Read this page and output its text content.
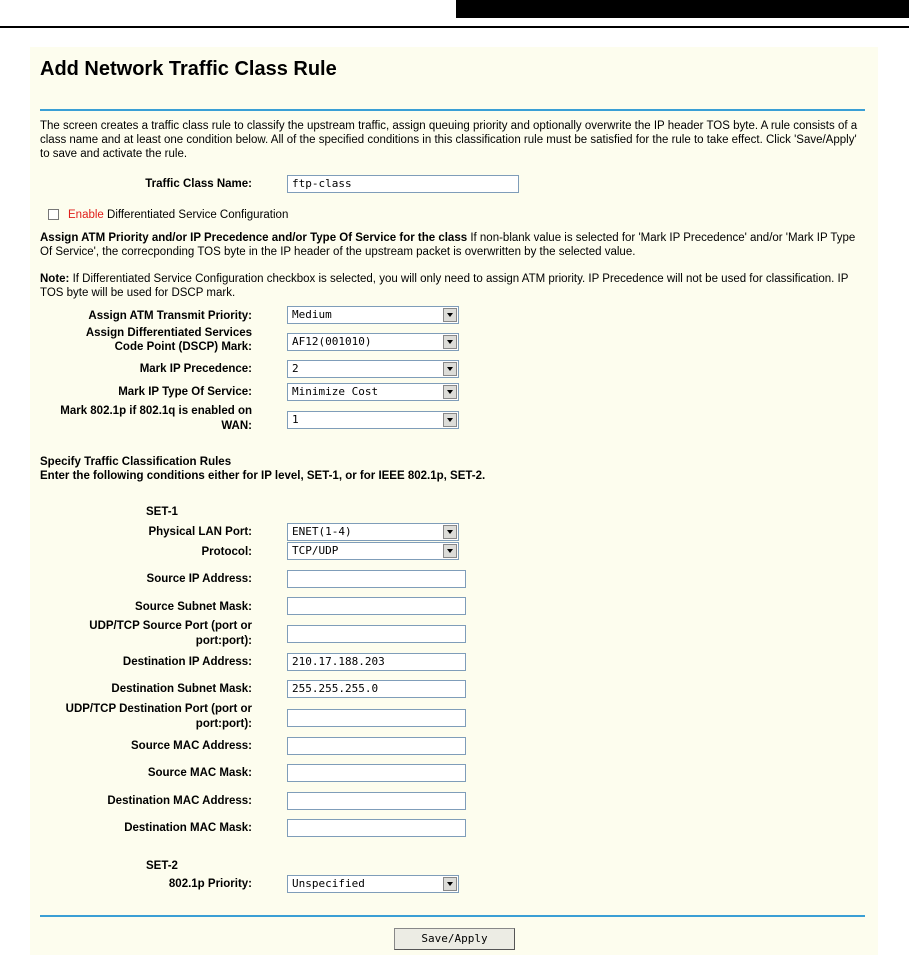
Add Network Traffic Class Rule

The screen creates a traffic class rule to classify the upstream traffic, assign queuing priority and optionally overwrite the IP header TOS byte. A rule consists of a class name and at least one condition below. All of the specified conditions in this classification rule must be satisfied for the rule to take effect. Click 'Save/Apply' to save and activate the rule.

Traffic Class Name:	ftp-class
Enable Differentiated Service Configuration

Assign ATM Priority and/or IP Precedence and/or Type Of Service for the class If non-blank value is selected for 'Mark IP Precedence' and/or 'Mark IP Type Of Service', the correcponding TOS byte in the IP header of the upstream packet is overwritten by the selected value.

Note: If Differentiated Service Configuration checkbox is selected, you will only need to assign ATM priority. IP Precedence will not be used for classification. IP TOS byte will be used for DSCP mark.

Assign ATM Transmit Priority:	Medium
Assign Differentiated Services
Code Point (DSCP) Mark:	AF12(001010)
Mark IP Precedence:	2
Mark IP Type Of Service:	Minimize Cost
Mark 802.1p if 802.1q is enabled on
WAN:	1
Specify Traffic Classification Rules
Enter the following conditions either for IP level, SET-1, or for IEEE 802.1p, SET-2.
SET-1
Physical LAN Port:	ENET(1-4)
Protocol:	TCP/UDP
Source IP Address:
Source Subnet Mask:
UDP/TCP Source Port (port or
port:port):
Destination IP Address:	210.17.188.203
Destination Subnet Mask:	255.255.255.0
UDP/TCP Destination Port (port or
port:port):
Source MAC Address:
Source MAC Mask:
Destination MAC Address:
Destination MAC Mask:
SET-2
802.1p Priority:	Unspecified
Save/Apply
